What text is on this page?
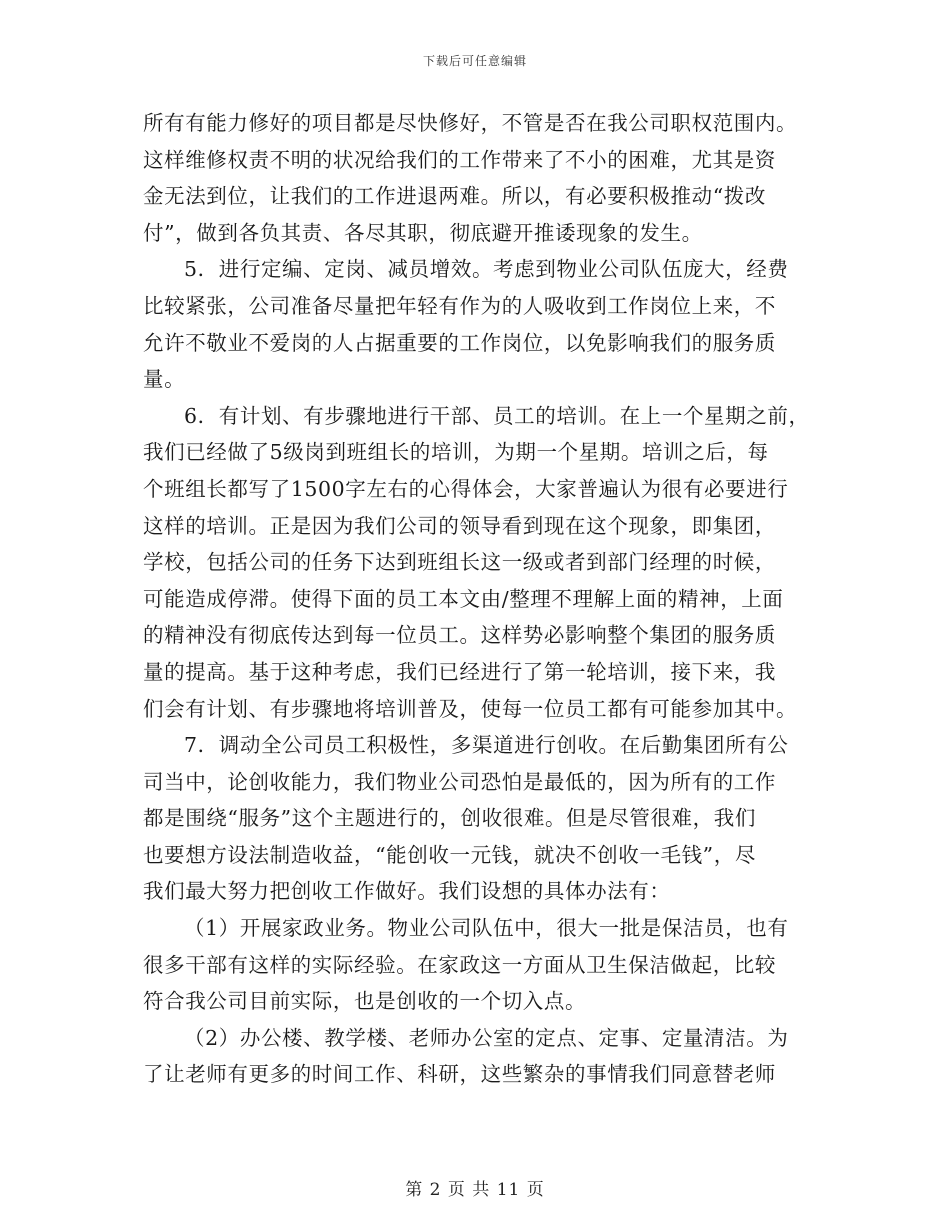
下载后可任意编辑
所有有能力修好的项目都是尽快修好，不管是否在我公司职权范围内。
这样维修权责不明的状况给我们的工作带来了不小的困难，尤其是资
金无法到位，让我们的工作进退两难。所以，有必要积极推动“拨改
付”，做到各负其责、各尽其职，彻底避开推诿现象的发生。
5．进行定编、定岗、减员增效。考虑到物业公司队伍庞大，经费
比较紧张，公司准备尽量把年轻有作为的人吸收到工作岗位上来，不
允许不敬业不爱岗的人占据重要的工作岗位，以免影响我们的服务质
量。
6．有计划、有步骤地进行干部、员工的培训。在上一个星期之前，
我们已经做了5级岗到班组长的培训，为期一个星期。培训之后，每
个班组长都写了1500字左右的心得体会，大家普遍认为很有必要进行
这样的培训。正是因为我们公司的领导看到现在这个现象，即集团，
学校，包括公司的任务下达到班组长这一级或者到部门经理的时候，
可能造成停滞。使得下面的员工本文由/整理不理解上面的精神，上面
的精神没有彻底传达到每一位员工。这样势必影响整个集团的服务质
量的提高。基于这种考虑，我们已经进行了第一轮培训，接下来，我
们会有计划、有步骤地将培训普及，使每一位员工都有可能参加其中。
7．调动全公司员工积极性，多渠道进行创收。在后勤集团所有公
司当中，论创收能力，我们物业公司恐怕是最低的，因为所有的工作
都是围绕“服务”这个主题进行的，创收很难。但是尽管很难，我们
也要想方设法制造收益，“能创收一元钱，就决不创收一毛钱”，尽
我们最大努力把创收工作做好。我们设想的具体办法有：
（1）开展家政业务。物业公司队伍中，很大一批是保洁员，也有
很多干部有这样的实际经验。在家政这一方面从卫生保洁做起，比较
符合我公司目前实际，也是创收的一个切入点。
（2）办公楼、教学楼、老师办公室的定点、定事、定量清洁。为
了让老师有更多的时间工作、科研，这些繁杂的事情我们同意替老师
第 2 页 共 11 页
